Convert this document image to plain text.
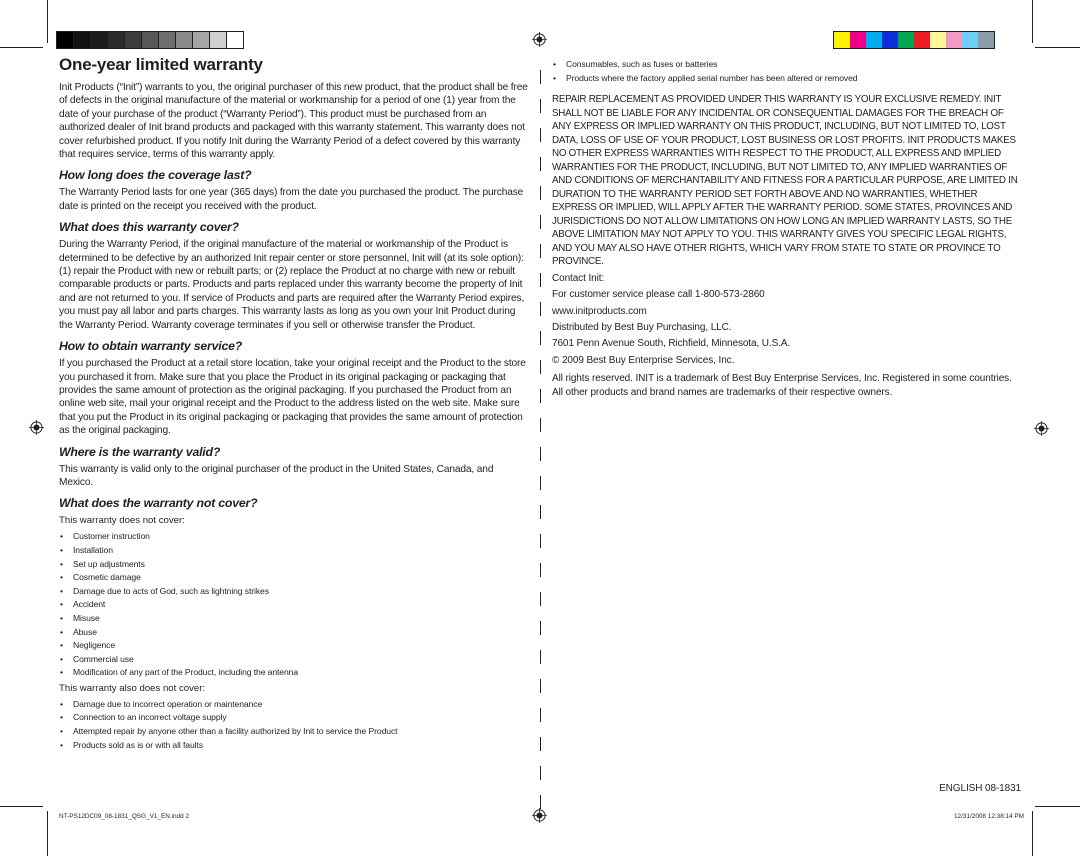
One-year limited warranty

Init Products (“Init”) warrants to you, the original purchaser of this new product, that the product shall be free of defects in the original manufacture of the material or workmanship for a period of one (1) year from the date of your purchase of the product (“Warranty Period”). This product must be purchased from an authorized dealer of Init brand products and packaged with this warranty statement. This warranty does not cover refurbished product. If you notify Init during the Warranty Period of a defect covered by this warranty that requires service, terms of this warranty apply.

How long does the coverage last?

The Warranty Period lasts for one year (365 days) from the date you purchased the product. The purchase date is printed on the receipt you received with the product.

What does this warranty cover?

During the Warranty Period, if the original manufacture of the material or workmanship of the Product is determined to be defective by an authorized Init repair center or store personnel, Init will (at its sole option): (1) repair the Product with new or rebuilt parts; or (2) replace the Product at no charge with new or rebuilt comparable products or parts. Products and parts replaced under this warranty become the property of Init and are not returned to you. If service of Products and parts are required after the Warranty Period expires, you must pay all labor and parts charges. This warranty lasts as long as you own your Init Product during the Warranty Period. Warranty coverage terminates if you sell or otherwise transfer the Product.

How to obtain warranty service?

If you purchased the Product at a retail store location, take your original receipt and the Product to the store you purchased it from. Make sure that you place the Product in its original packaging or packaging that provides the same amount of protection as the original packaging. If you purchased the Product from an online web site, mail your original receipt and the Product to the address listed on the web site. Make sure that you put the Product in its original packaging or packaging that provides the same amount of protection as the original packaging.

Where is the warranty valid?

This warranty is valid only to the original purchaser of the product in the United States, Canada, and Mexico.

What does the warranty not cover?

This warranty does not cover:

• Customer instruction
• Installation
• Set up adjustments
• Cosmetic damage
• Damage due to acts of God, such as lightning strikes
• Accident
• Misuse
• Abuse
• Negligence
• Commercial use
• Modification of any part of the Product, including the antenna

This warranty also does not cover:

• Damage due to incorrect operation or maintenance
• Connection to an incorrect voltage supply
• Attempted repair by anyone other than a facility authorized by Init to service the Product
• Products sold as is or with all faults
• Consumables, such as fuses or batteries
• Products where the factory applied serial number has been altered or removed

REPAIR REPLACEMENT AS PROVIDED UNDER THIS WARRANTY IS YOUR EXCLUSIVE REMEDY. INIT SHALL NOT BE LIABLE FOR ANY INCIDENTAL OR CONSEQUENTIAL DAMAGES FOR THE BREACH OF ANY EXPRESS OR IMPLIED WARRANTY ON THIS PRODUCT, INCLUDING, BUT NOT LIMITED TO, LOST DATA, LOSS OF USE OF YOUR PRODUCT, LOST BUSINESS OR LOST PROFITS. INIT PRODUCTS MAKES NO OTHER EXPRESS WARRANTIES WITH RESPECT TO THE PRODUCT, ALL EXPRESS AND IMPLIED WARRANTIES FOR THE PRODUCT, INCLUDING, BUT NOT LIMITED TO, ANY IMPLIED WARRANTIES OF AND CONDITIONS OF MERCHANTABILITY AND FITNESS FOR A PARTICULAR PURPOSE, ARE LIMITED IN DURATION TO THE WARRANTY PERIOD SET FORTH ABOVE AND NO WARRANTIES, WHETHER EXPRESS OR IMPLIED, WILL APPLY AFTER THE WARRANTY PERIOD. SOME STATES, PROVINCES AND JURISDICTIONS DO NOT ALLOW LIMITATIONS ON HOW LONG AN IMPLIED WARRANTY LASTS, SO THE ABOVE LIMITATION MAY NOT APPLY TO YOU. THIS WARRANTY GIVES YOU SPECIFIC LEGAL RIGHTS, AND YOU MAY ALSO HAVE OTHER RIGHTS, WHICH VARY FROM STATE TO STATE OR PROVINCE TO PROVINCE.

Contact Init:

For customer service please call 1-800-573-2860

www.initproducts.com

Distributed by Best Buy Purchasing, LLC.

7601 Penn Avenue South, Richfield, Minnesota, U.S.A.

© 2009 Best Buy Enterprise Services, Inc.

All rights reserved. INIT is a trademark of Best Buy Enterprise Services, Inc. Registered in some countries. All other products and brand names are trademarks of their respective owners.

ENGLISH 08-1831
NT-PS12DC09_08-1831_QSG_V1_EN.indd 2	12/31/2008 12:38:14 PM
